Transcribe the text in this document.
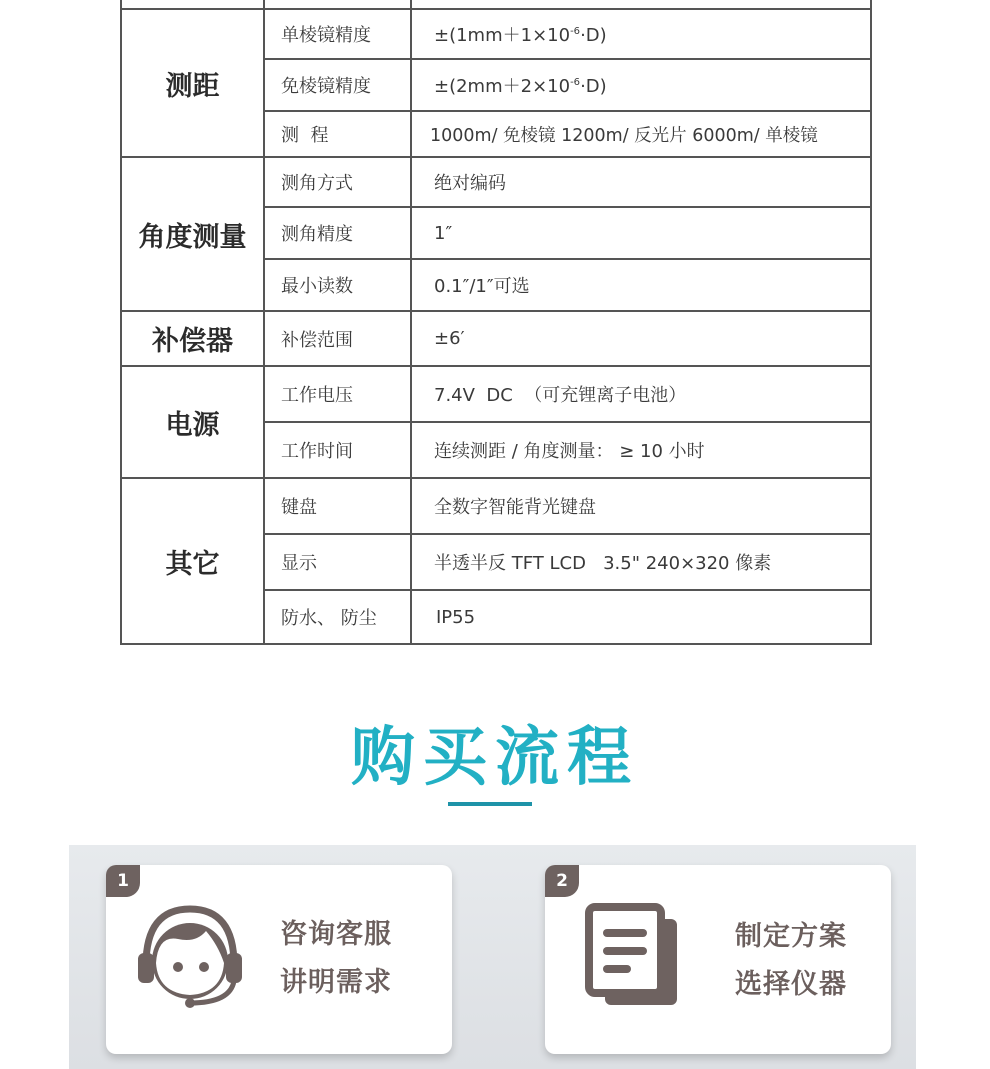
测距	单棱镜精度	$\pm(1mm+1\times 10^{-6}\cdot D)$
	免棱镜精度	$\pm(2mm+2\times 10^{-6}\cdot D)$
	测  程	1000m/ 免棱镜 1200m/ 反光片 6000m/ 单棱镜
角度测量	测角方式	绝对编码
	测角精度	1″
	最小读数	0.1″/1″可选
补偿器	补偿范围	±6′
电源	工作电压	7.4V  DC  （可充锂离子电池）
	工作时间	连续测距 / 角度测量： ≥ 10 小时
其它	键盘	全数字智能背光键盘
	显示	半透半反 TFT LCD   3.5" 240×320 像素
	防水、 防尘	IP55
购买流程
1
咨询客服
讲明需求
2
制定方案
选择仪器
